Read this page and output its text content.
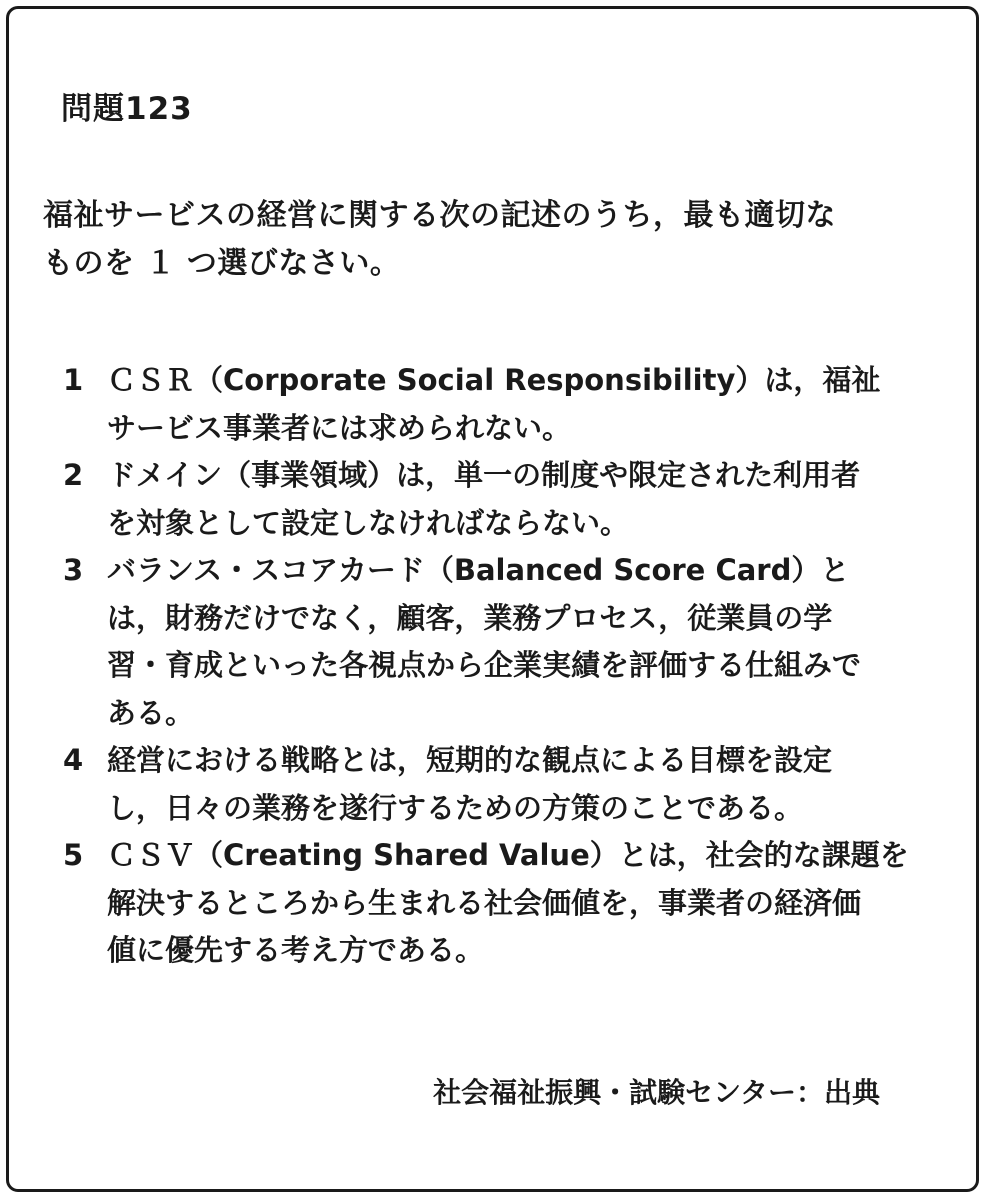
問題123
福祉サービスの経営に関する次の記述のうち，最も適切な
ものを １ つ選びなさい。
1 ＣＳＲ（Corporate Social Responsibility）は，福祉
サービス事業者には求められない。
2 ドメイン（事業領域）は，単一の制度や限定された利用者
を対象として設定しなければならない。
3 バランス・スコアカード（Balanced Score Card）と
は，財務だけでなく，顧客，業務プロセス，従業員の学
習・育成といった各視点から企業実績を評価する仕組みで
ある。
4 経営における戦略とは，短期的な観点による目標を設定
し，日々の業務を遂行するための方策のことである。
5 ＣＳＶ（Creating Shared Value）とは，社会的な課題を
解決するところから生まれる社会価値を，事業者の経済価
値に優先する考え方である。
社会福祉振興・試験センター：出典
